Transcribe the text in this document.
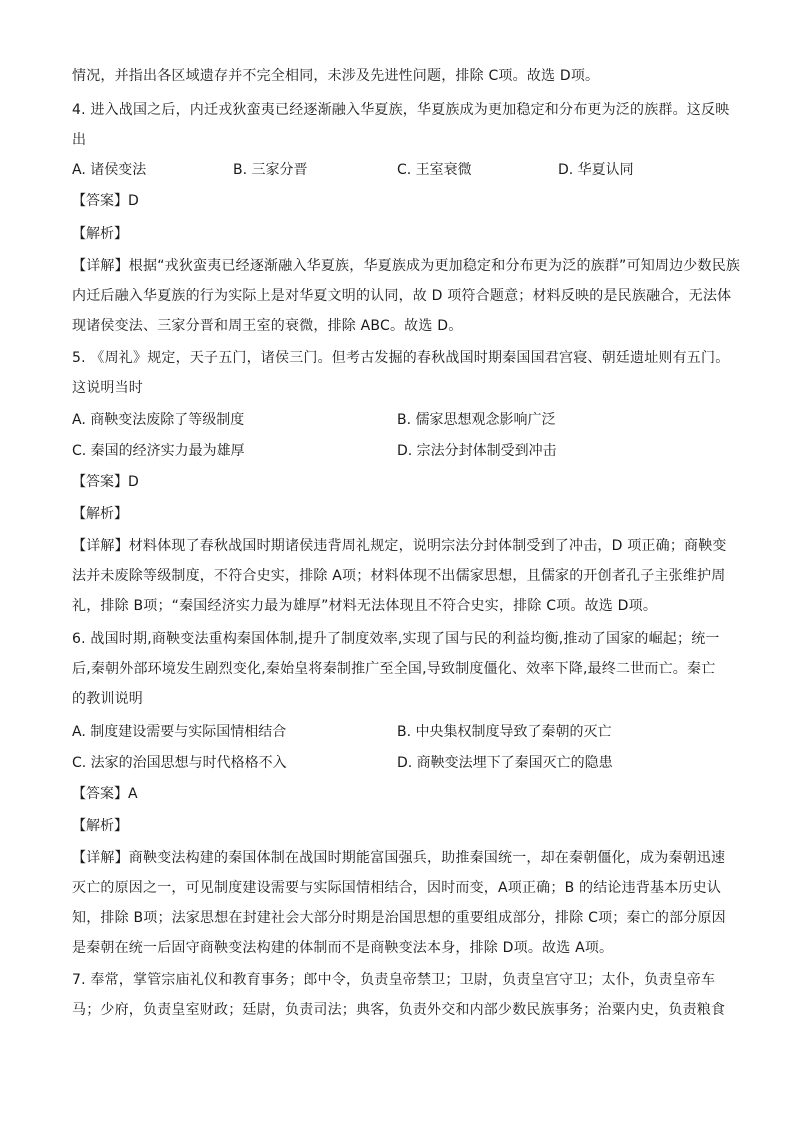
情况，并指出各区域遗存并不完全相同，未涉及先进性问题，排除 C项。故选 D项。
4. 进入战国之后，内迁戎狄蛮夷已经逐渐融入华夏族，华夏族成为更加稳定和分布更为泛的族群。这反映
出
A. 诸侯变法	B. 三家分晋	C. 王室衰微	D. 华夏认同
【答案】D
【解析】
【详解】根据“戎狄蛮夷已经逐渐融入华夏族，华夏族成为更加稳定和分布更为泛的族群”可知周边少数民族
内迁后融入华夏族的行为实际上是对华夏文明的认同，故 D 项符合题意；材料反映的是民族融合，无法体
现诸侯变法、三家分晋和周王室的衰微，排除 ABC。故选 D。
5. 《周礼》规定，天子五门，诸侯三门。但考古发掘的春秋战国时期秦国国君宫寝、朝廷遗址则有五门。
这说明当时
A. 商鞅变法废除了等级制度	B. 儒家思想观念影响广泛
C. 秦国的经济实力最为雄厚	D. 宗法分封体制受到冲击
【答案】D
【解析】
【详解】材料体现了春秋战国时期诸侯违背周礼规定，说明宗法分封体制受到了冲击，D 项正确；商鞅变
法并未废除等级制度，不符合史实，排除 A项；材料体现不出儒家思想，且儒家的开创者孔子主张维护周
礼，排除 B项；“秦国经济实力最为雄厚”材料无法体现且不符合史实，排除 C项。故选 D项。
6. 战国时期,商鞅变法重构秦国体制,提升了制度效率,实现了国与民的利益均衡,推动了国家的崛起；统一
后,秦朝外部环境发生剧烈变化,秦始皇将秦制推广至全国,导致制度僵化、效率下降,最终二世而亡。秦亡
的教训说明
A. 制度建设需要与实际国情相结合	B. 中央集权制度导致了秦朝的灭亡
C. 法家的治国思想与时代格格不入	D. 商鞅变法埋下了秦国灭亡的隐患
【答案】A
【解析】
【详解】商鞅变法构建的秦国体制在战国时期能富国强兵，助推秦国统一，却在秦朝僵化，成为秦朝迅速
灭亡的原因之一，可见制度建设需要与实际国情相结合，因时而变，A项正确；B 的结论违背基本历史认
知，排除 B项；法家思想在封建社会大部分时期是治国思想的重要组成部分，排除 C项；秦亡的部分原因
是秦朝在统一后固守商鞅变法构建的体制而不是商鞅变法本身，排除 D项。故选 A项。
7. 奉常，掌管宗庙礼仪和教育事务；郎中令，负责皇帝禁卫；卫尉，负责皇宫守卫；太仆，负责皇帝车
马；少府，负责皇室财政；廷尉，负责司法；典客，负责外交和内部少数民族事务；治粟内史，负责粮食
